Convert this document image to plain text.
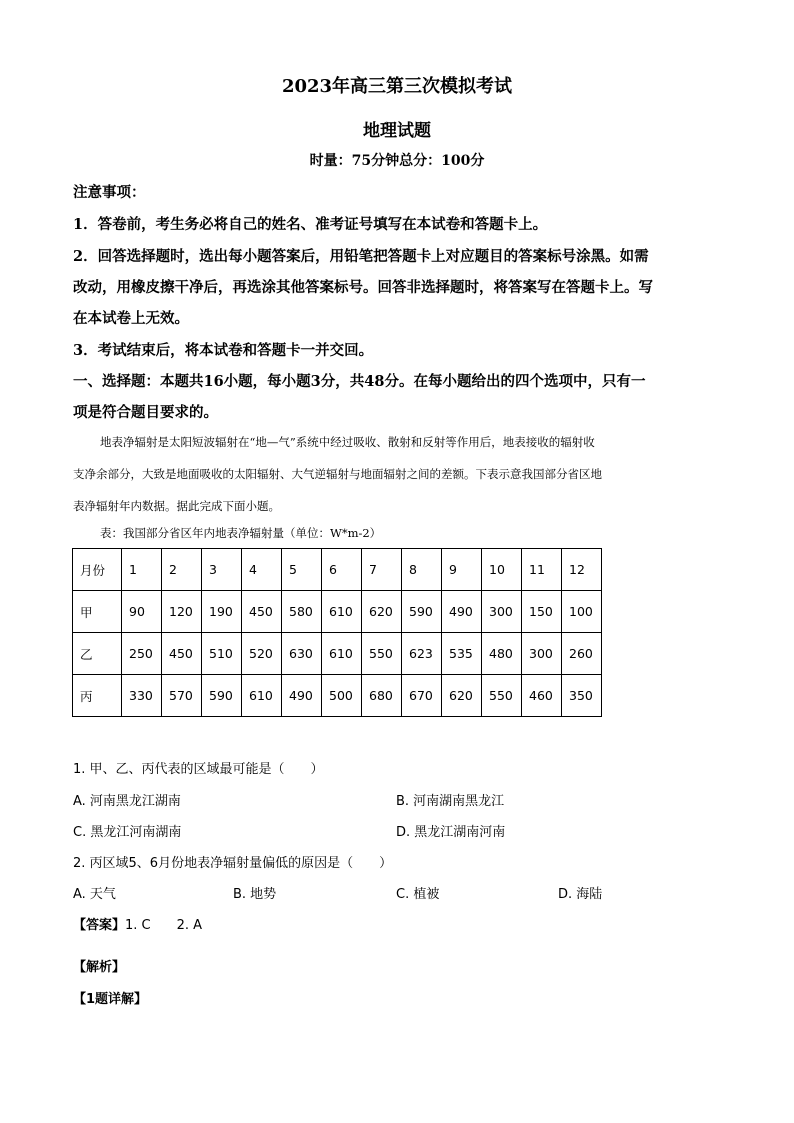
2023年高三第三次模拟考试
地理试题
时量：75分钟总分：100分
注意事项：
1．答卷前，考生务必将自己的姓名、准考证号填写在本试卷和答题卡上。
2．回答选择题时，选出每小题答案后，用铅笔把答题卡上对应题目的答案标号涂黑。如需
改动，用橡皮擦干净后，再选涂其他答案标号。回答非选择题时，将答案写在答题卡上。写
在本试卷上无效。
3．考试结束后，将本试卷和答题卡一并交回。
一、选择题：本题共16小题，每小题3分，共48分。在每小题给出的四个选项中，只有一
项是符合题目要求的。
地表净辐射是太阳短波辐射在“地—气”系统中经过吸收、散射和反射等作用后，地表接收的辐射收
支净余部分，大致是地面吸收的太阳辐射、大气逆辐射与地面辐射之间的差额。下表示意我国部分省区地
表净辐射年内数据。据此完成下面小题。
表：我国部分省区年内地表净辐射量（单位：W*m-2）
月份	1	2	3	4	5	6	7	8	9	10	11	12
甲	90	120	190	450	580	610	620	590	490	300	150	100
乙	250	450	510	520	630	610	550	623	535	480	300	260
丙	330	570	590	610	490	500	680	670	620	550	460	350
1. 甲、乙、丙代表的区域最可能是（　　）
A. 河南黑龙江湖南	B. 河南湖南黑龙江
C. 黑龙江河南湖南	D. 黑龙江湖南河南
2. 丙区域5、6月份地表净辐射量偏低的原因是（　　）
A. 天气	B. 地势	C. 植被	D. 海陆
【答案】1. C　　2. A
【解析】
【1题详解】
